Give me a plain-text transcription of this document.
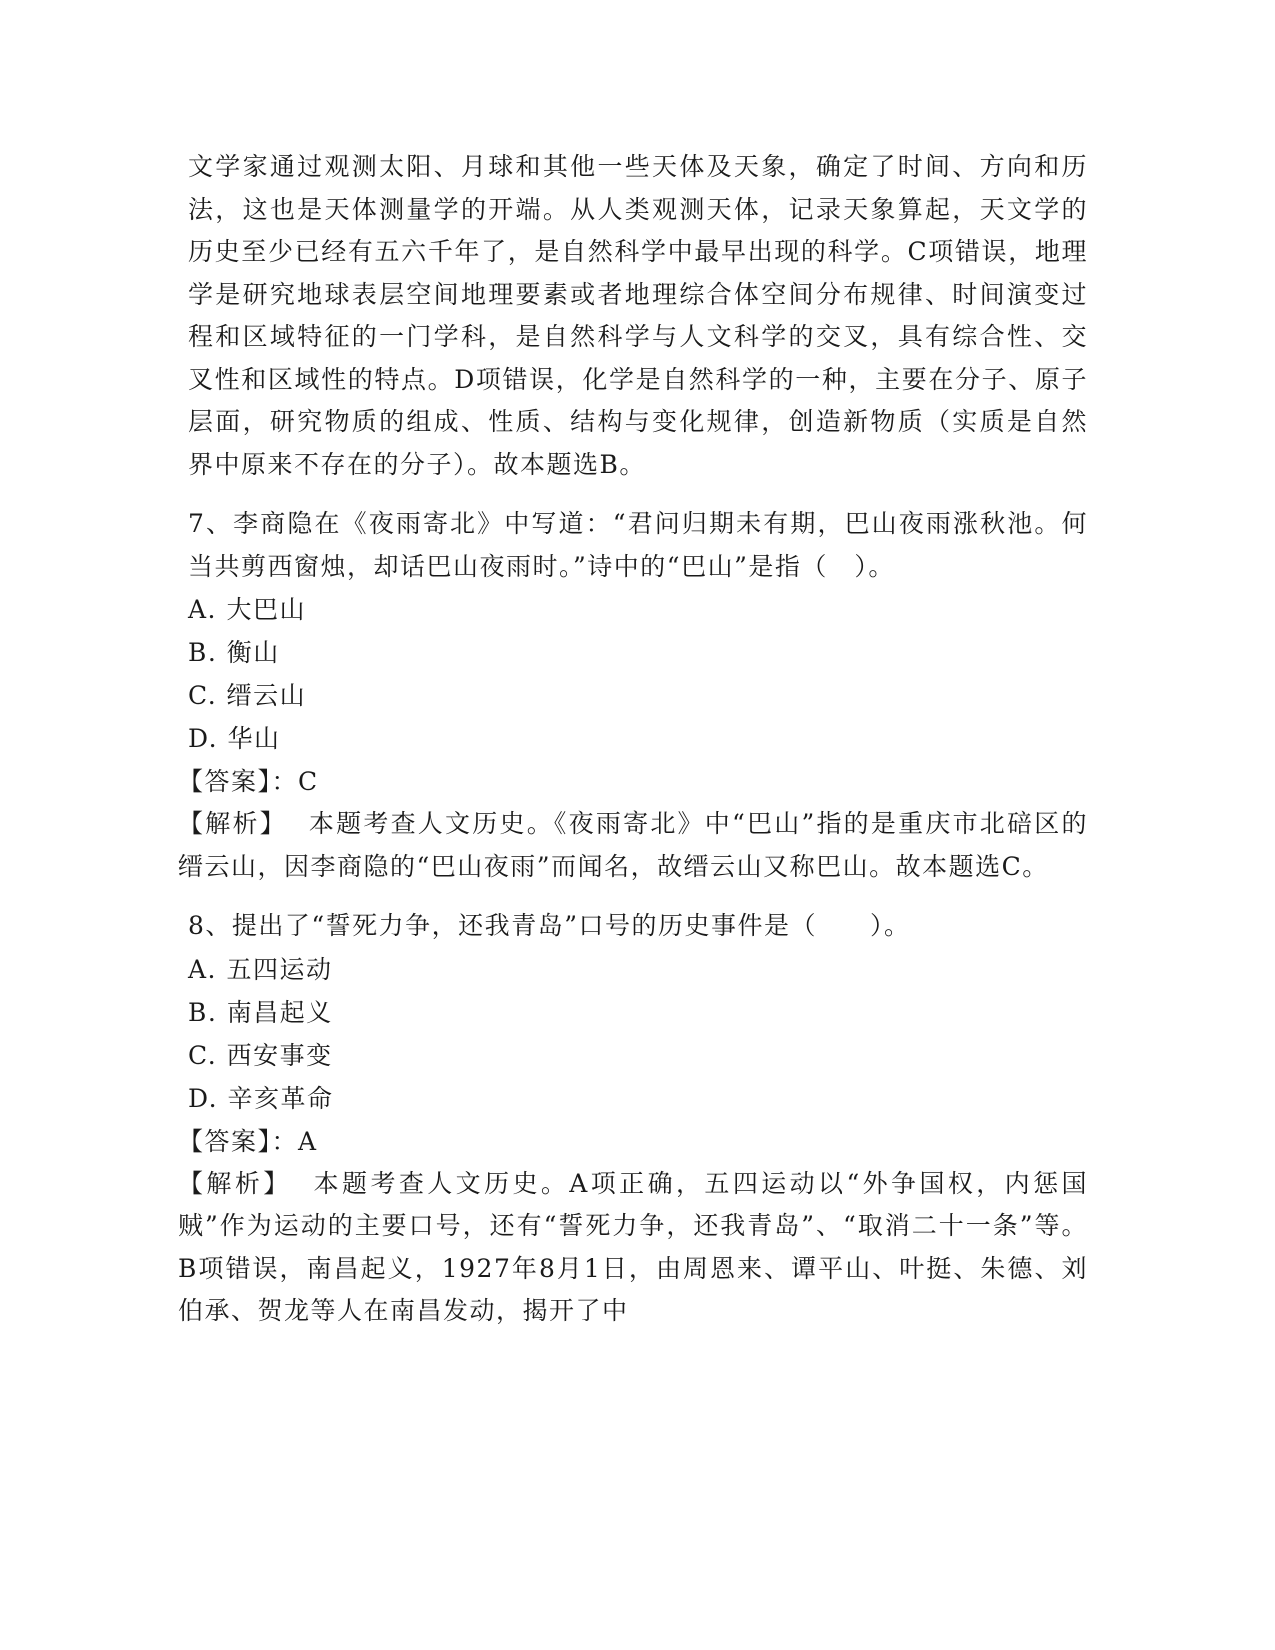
文学家通过观测太阳、月球和其他一些天体及天象，确定了时间、方向和历法，这也是天体测量学的开端。从人类观测天体，记录天象算起，天文学的历史至少已经有五六千年了，是自然科学中最早出现的科学。C项错误，地理学是研究地球表层空间地理要素或者地理综合体空间分布规律、时间演变过程和区域特征的一门学科，是自然科学与人文科学的交叉，具有综合性、交叉性和区域性的特点。D项错误，化学是自然科学的一种，主要在分子、原子层面，研究物质的组成、性质、结构与变化规律，创造新物质（实质是自然界中原来不存在的分子）。故本题选B。

7、李商隐在《夜雨寄北》中写道：“君问归期未有期，巴山夜雨涨秋池。何当共剪西窗烛，却话巴山夜雨时。”诗中的“巴山”是指（　）。

A. 大巴山

B. 衡山

C. 缙云山

D. 华山

【答案】：C

【解析】 本题考查人文历史。《夜雨寄北》中“巴山”指的是重庆市北碚区的缙云山，因李商隐的“巴山夜雨”而闻名，故缙云山又称巴山。故本题选C。

8、提出了“誓死力争，还我青岛”口号的历史事件是（　　）。

A. 五四运动

B. 南昌起义

C. 西安事变

D. 辛亥革命

【答案】：A

【解析】 本题考查人文历史。A项正确，五四运动以“外争国权，内惩国贼”作为运动的主要口号，还有“誓死力争，还我青岛”、“取消二十一条”等。B项错误，南昌起义，1927年8月1日，由周恩来、谭平山、叶挺、朱德、刘伯承、贺龙等人在南昌发动，揭开了中
